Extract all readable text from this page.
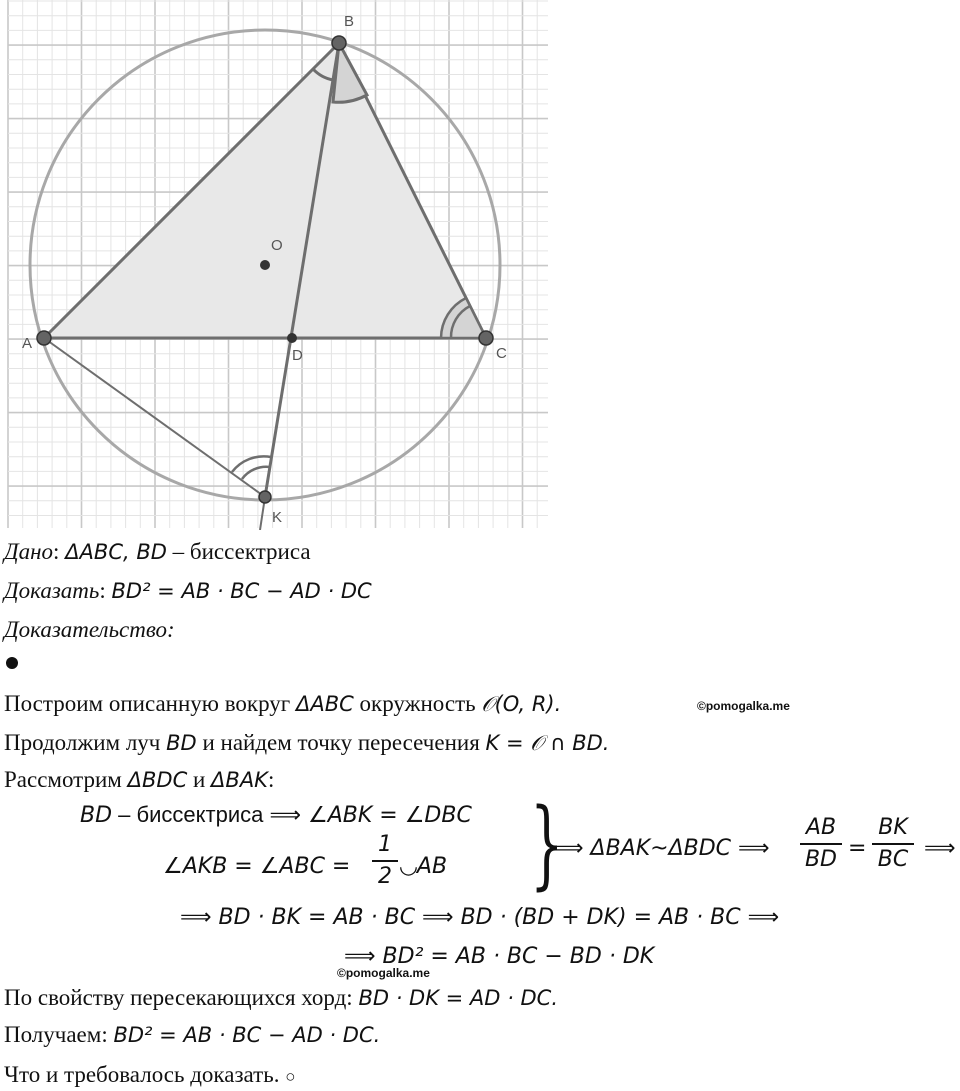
A
B
C
D
O
K
Дано: ΔABC, BD – биссектриса
Доказать: BD² = AB · BC − AD · DC
Доказательство:
Построим описанную вокруг ΔABC окружность 𝒪(O, R).	©pomogalka.me
Продолжим луч BD и найдем точку пересечения K = 𝒪 ∩ BD.
Рассмотрим ΔBDC и ΔBAK:
BD – биссектриса ⟹ ∠ABK = ∠DBC
∠AKB = ∠ABC =
1
2 ◡AB }
⟹ ΔBAK~ΔBDC ⟹
AB
BD =
BK
BC ⟹
⟹ BD · BK = AB · BC ⟹ BD · (BD + DK) = AB · BC ⟹
⟹ BD² = AB · BC − BD · DK
©pomogalka.me
По свойству пересекающихся хорд: BD · DK = AD · DC.
Получаем: BD² = AB · BC − AD · DC.
Что и требовалось доказать. ○
